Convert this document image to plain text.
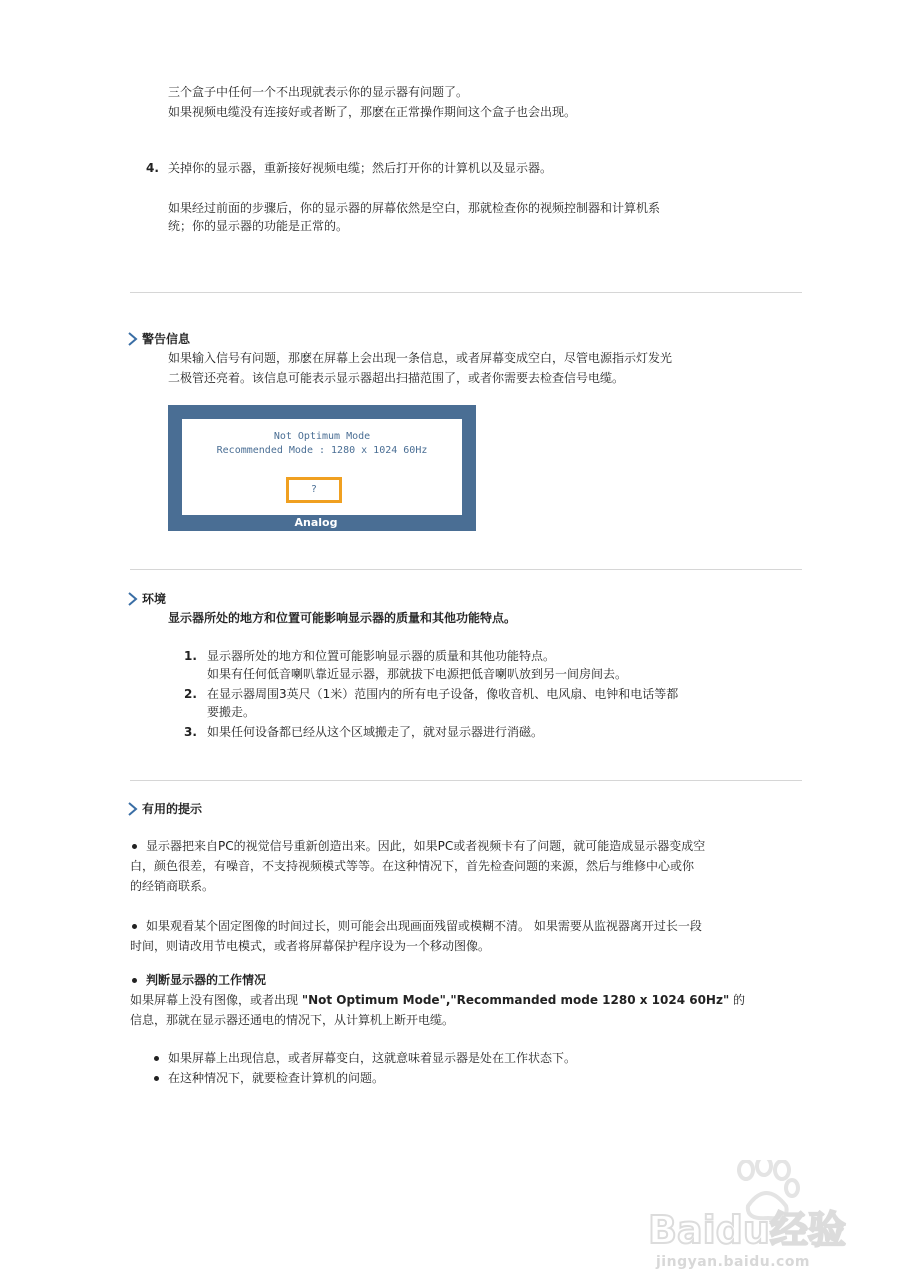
三个盒子中任何一个不出现就表示你的显示器有问题了。
如果视频电缆没有连接好或者断了，那麽在正常操作期间这个盒子也会出现。
4. 关掉你的显示器，重新接好视频电缆；然后打开你的计算机以及显示器。
如果经过前面的步骤后，你的显示器的屏幕依然是空白，那就检查你的视频控制器和计算机系
统；你的显示器的功能是正常的。
警告信息
如果输入信号有问题，那麽在屏幕上会出现一条信息，或者屏幕变成空白，尽管电源指示灯发光
二极管还亮着。该信息可能表示显示器超出扫描范围了，或者你需要去检查信号电缆。
Not Optimum Mode
Recommended Mode : 1280 x 1024 60Hz
?
Analog
环境
显示器所处的地方和位置可能影响显示器的质量和其他功能特点。
1. 显示器所处的地方和位置可能影响显示器的质量和其他功能特点。
如果有任何低音喇叭靠近显示器，那就拔下电源把低音喇叭放到另一间房间去。
2. 在显示器周围3英尺（1米）范围内的所有电子设备，像收音机、电风扇、电钟和电话等都
要搬走。
3. 如果任何设备都已经从这个区域搬走了，就对显示器进行消磁。
有用的提示
显示器把来自PC的视觉信号重新创造出来。因此，如果PC或者视频卡有了问题，就可能造成显示器变成空
白，颜色很差，有噪音，不支持视频模式等等。在这种情况下，首先检查问题的来源，然后与维修中心或你
的经销商联系。
如果观看某个固定图像的时间过长，则可能会出现画面残留或模糊不清。 如果需要从监视器离开过长一段
时间，则请改用节电模式，或者将屏幕保护程序设为一个移动图像。
判断显示器的工作情况
如果屏幕上没有图像，或者出现 "Not Optimum Mode","Recommanded mode 1280 x 1024 60Hz" 的
信息，那就在显示器还通电的情况下，从计算机上断开电缆。
如果屏幕上出现信息，或者屏幕变白，这就意味着显示器是处在工作状态下。
在这种情况下，就要检查计算机的问题。
Baidu经验
jingyan.baidu.com
